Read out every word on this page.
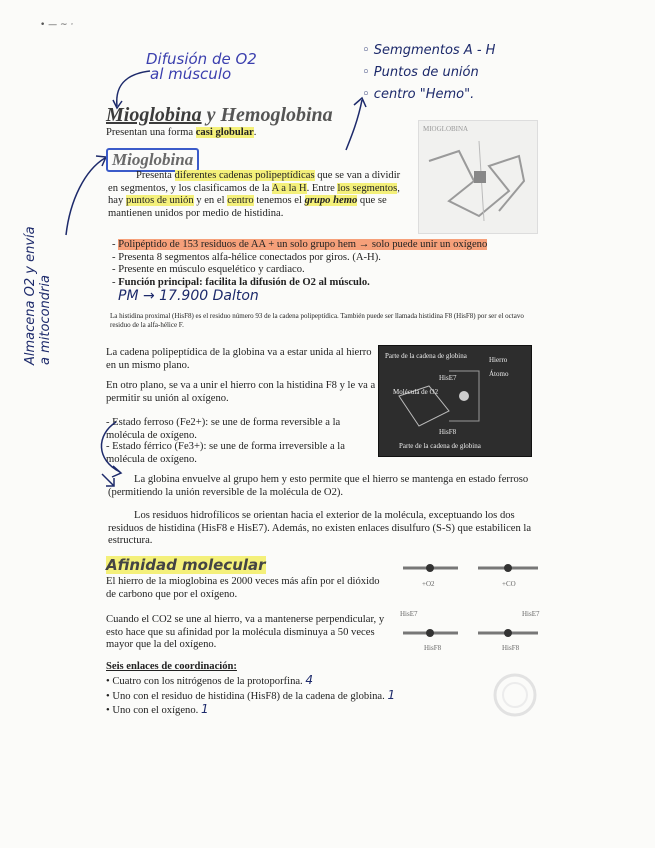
• — ~ ·
Difusión de O2
al músculo
◦ Semgmentos A - H
◦ Puntos de unión
◦ centro "Hemo".
Almacena O2 y envía a mitocondria
Mioglobina y Hemoglobina
Presentan una forma casi globular.
Mioglobina
Presenta diferentes cadenas polipeptídicas que se van a dividir en segmentos, y los clasificamos de la A a la H. Entre los segmentos, hay puntos de unión y en el centro tenemos el grupo hemo que se mantienen unidos por medio de histidina.
MIOGLOBINA
- Polipéptido de 153 residuos de AA + un solo grupo hem → solo puede unir un oxígeno
- Presenta 8 segmentos alfa-hélice conectados por giros. (A-H).
- Presente en músculo esquelético y cardiaco.
- Función principal: facilita la difusión de O2 al músculo.
PM → 17.900 Dalton
La histidina proximal (HisF8) es el residuo número 93 de la cadena polipeptídica. También puede ser llamada histidina F8 (HisF8) por ser el octavo residuo de la alfa-hélice F.
La cadena polipeptídica de la globina va a estar unida al hierro en un mismo plano.
En otro plano, se va a unir el hierro con la histidina F8 y le va a permitir su unión al oxígeno.
- Estado ferroso (Fe2+): se une de forma reversible a la molécula de oxígeno.
- Estado férrico (Fe3+): se une de forma irreversible a la molécula de oxígeno.
Parte de la cadena de globina	Hierro
Átomo
Molécula de O2
HisE7
HisF8
Parte de la cadena de globina
La globina envuelve al grupo hem y esto permite que el hierro se mantenga en estado ferroso (permitiendo la unión reversible de la molécula de O2).
Los residuos hidrofílicos se orientan hacia el exterior de la molécula, exceptuando los dos residuos de histidina (HisF8 e HisE7). Además, no existen enlaces disulfuro (S-S) que estabilicen la estructura.
Afinidad molecular
El hierro de la mioglobina es 2000 veces más afín por el dióxido de carbono que por el oxígeno.
Cuando el CO2 se une al hierro, va a mantenerse perpendicular, y esto hace que su afinidad por la molécula disminuya a 50 veces mayor que la del oxígeno.
+O2	+CO
HisE7	HisE7
HisF8	HisF8
Seis enlaces de coordinación:
• Cuatro con los nitrógenos de la protoporfina. 4
• Uno con el residuo de histidina (HisF8) de la cadena de globina. 1
• Uno con el oxígeno. 1
